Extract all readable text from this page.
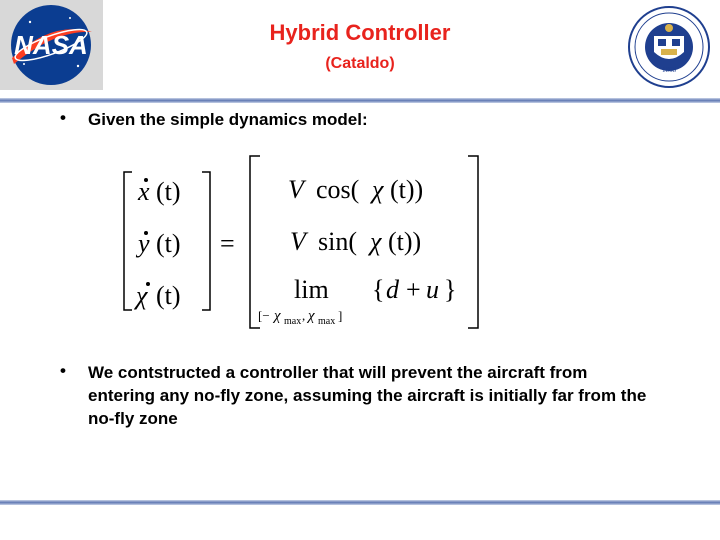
NASA
1868
Hybrid Controller
(Cataldo)
• Given the simple dynamics model:
x (t)
y (t)
χ (t)
=
V cos( χ (t))
V sin( χ (t))
lim
[− χ max , χ max ]
{ d + u }
• We contstructed a controller that will prevent the aircraft from entering any no-fly zone, assuming the aircraft is initially far from the no-fly zone
